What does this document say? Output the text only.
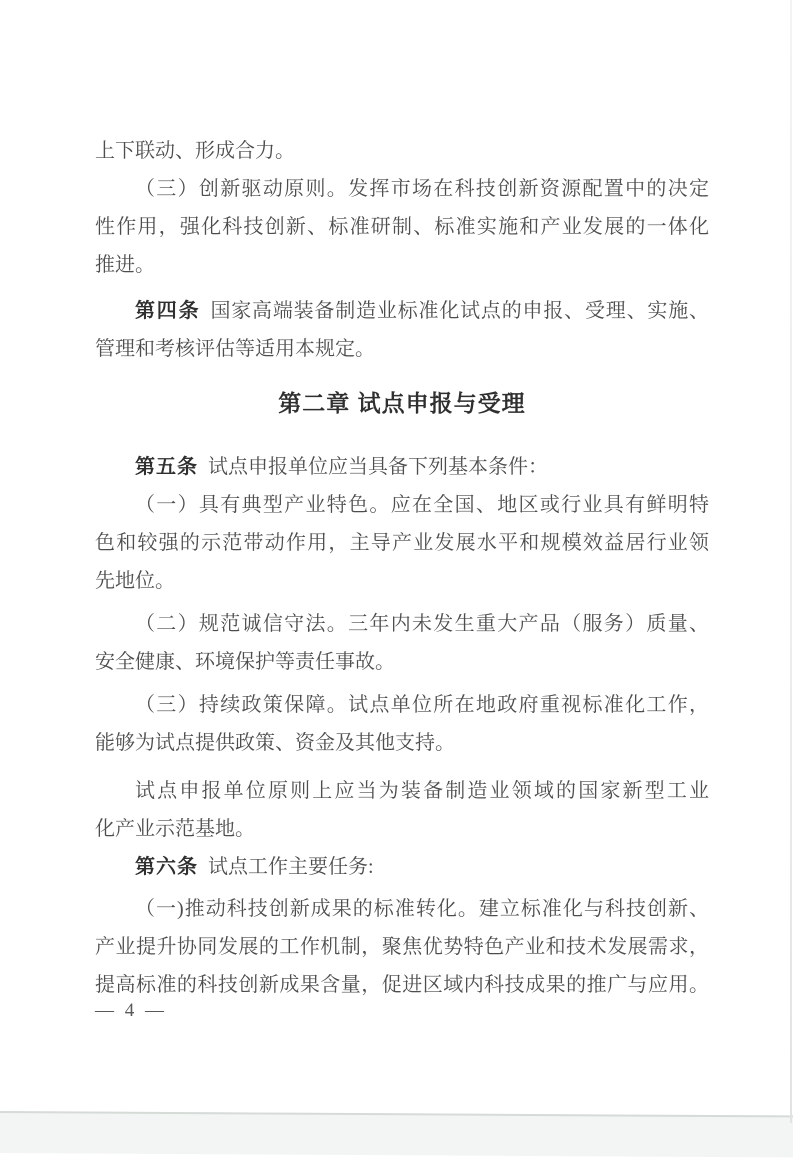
上下联动、形成合力。
（三）创新驱动原则。发挥市场在科技创新资源配置中的决定
性作用，强化科技创新、标准研制、标准实施和产业发展的一体化
推进。
第四条 国家高端装备制造业标准化试点的申报、受理、实施、
管理和考核评估等适用本规定。
第二章 试点申报与受理
第五条 试点申报单位应当具备下列基本条件：
（一）具有典型产业特色。应在全国、地区或行业具有鲜明特
色和较强的示范带动作用，主导产业发展水平和规模效益居行业领
先地位。
（二）规范诚信守法。三年内未发生重大产品（服务）质量、
安全健康、环境保护等责任事故。
（三）持续政策保障。试点单位所在地政府重视标准化工作，
能够为试点提供政策、资金及其他支持。
试点申报单位原则上应当为装备制造业领域的国家新型工业
化产业示范基地。
第六条 试点工作主要任务:
（一)推动科技创新成果的标准转化。建立标准化与科技创新、
产业提升协同发展的工作机制，聚焦优势特色产业和技术发展需求，
提高标准的科技创新成果含量，促进区域内科技成果的推广与应用。
— 4 —
